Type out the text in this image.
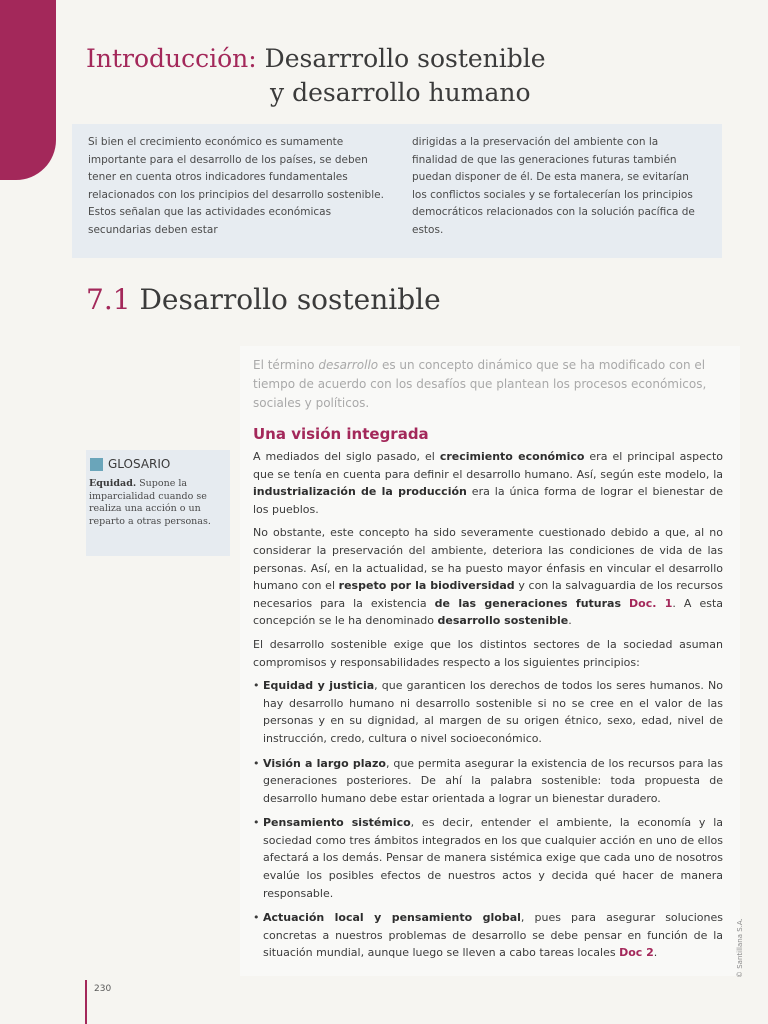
Introducción: Desarrrollo sostenible
y desarrollo humano

Si bien el crecimiento económico es sumamente importante para el desarrollo de los países, se deben tener en cuenta otros indicadores fundamentales relacionados con los principios del desarrollo sostenible. Estos señalan que las actividades económicas secundarias deben estar

dirigidas a la preservación del ambiente con la finalidad de que las generaciones futuras también puedan disponer de él. De esta manera, se evitarían los conflictos sociales y se fortalecerían los principios democráticos relacionados con la solución pacífica de estos.

7.1 Desarrollo sostenible

El término desarrollo es un concepto dinámico que se ha modificado con el tiempo de acuerdo con los desafíos que plantean los procesos económicos, sociales y políticos.

Una visión integrada

A mediados del siglo pasado, el crecimiento económico era el principal aspecto que se tenía en cuenta para definir el desarrollo humano. Así, según este modelo, la industrialización de la producción era la única forma de lograr el bienestar de los pueblos.

No obstante, este concepto ha sido severamente cuestionado debido a que, al no considerar la preservación del ambiente, deteriora las condiciones de vida de las personas. Así, en la actualidad, se ha puesto mayor énfasis en vincular el desarrollo humano con el respeto por la biodiversidad y con la salvaguardia de los recursos necesarios para la existencia de las generaciones futuras Doc. 1. A esta concepción se le ha denominado desarrollo sostenible.

El desarrollo sostenible exige que los distintos sectores de la sociedad asuman compromisos y responsabilidades respecto a los siguientes principios:

• Equidad y justicia, que garanticen los derechos de todos los seres humanos. No hay desarrollo humano ni desarrollo sostenible si no se cree en el valor de las personas y en su dignidad, al margen de su origen étnico, sexo, edad, nivel de instrucción, credo, cultura o nivel socioeconómico.
• Visión a largo plazo, que permita asegurar la existencia de los recursos para las generaciones posteriores. De ahí la palabra sostenible: toda propuesta de desarrollo humano debe estar orientada a lograr un bienestar duradero.
• Pensamiento sistémico, es decir, entender el ambiente, la economía y la sociedad como tres ámbitos integrados en los que cualquier acción en uno de ellos afectará a los demás. Pensar de manera sistémica exige que cada uno de nosotros evalúe los posibles efectos de nuestros actos y decida qué hacer de manera responsable.
• Actuación local y pensamiento global, pues para asegurar soluciones concretas a nuestros problemas de desarrollo se debe pensar en función de la situación mundial, aunque luego se lleven a cabo tareas locales Doc 2.
GLOSARIO

Equidad. Supone la imparcialidad cuando se realiza una acción o un reparto a otras personas.

230
© Santillana S.A.
